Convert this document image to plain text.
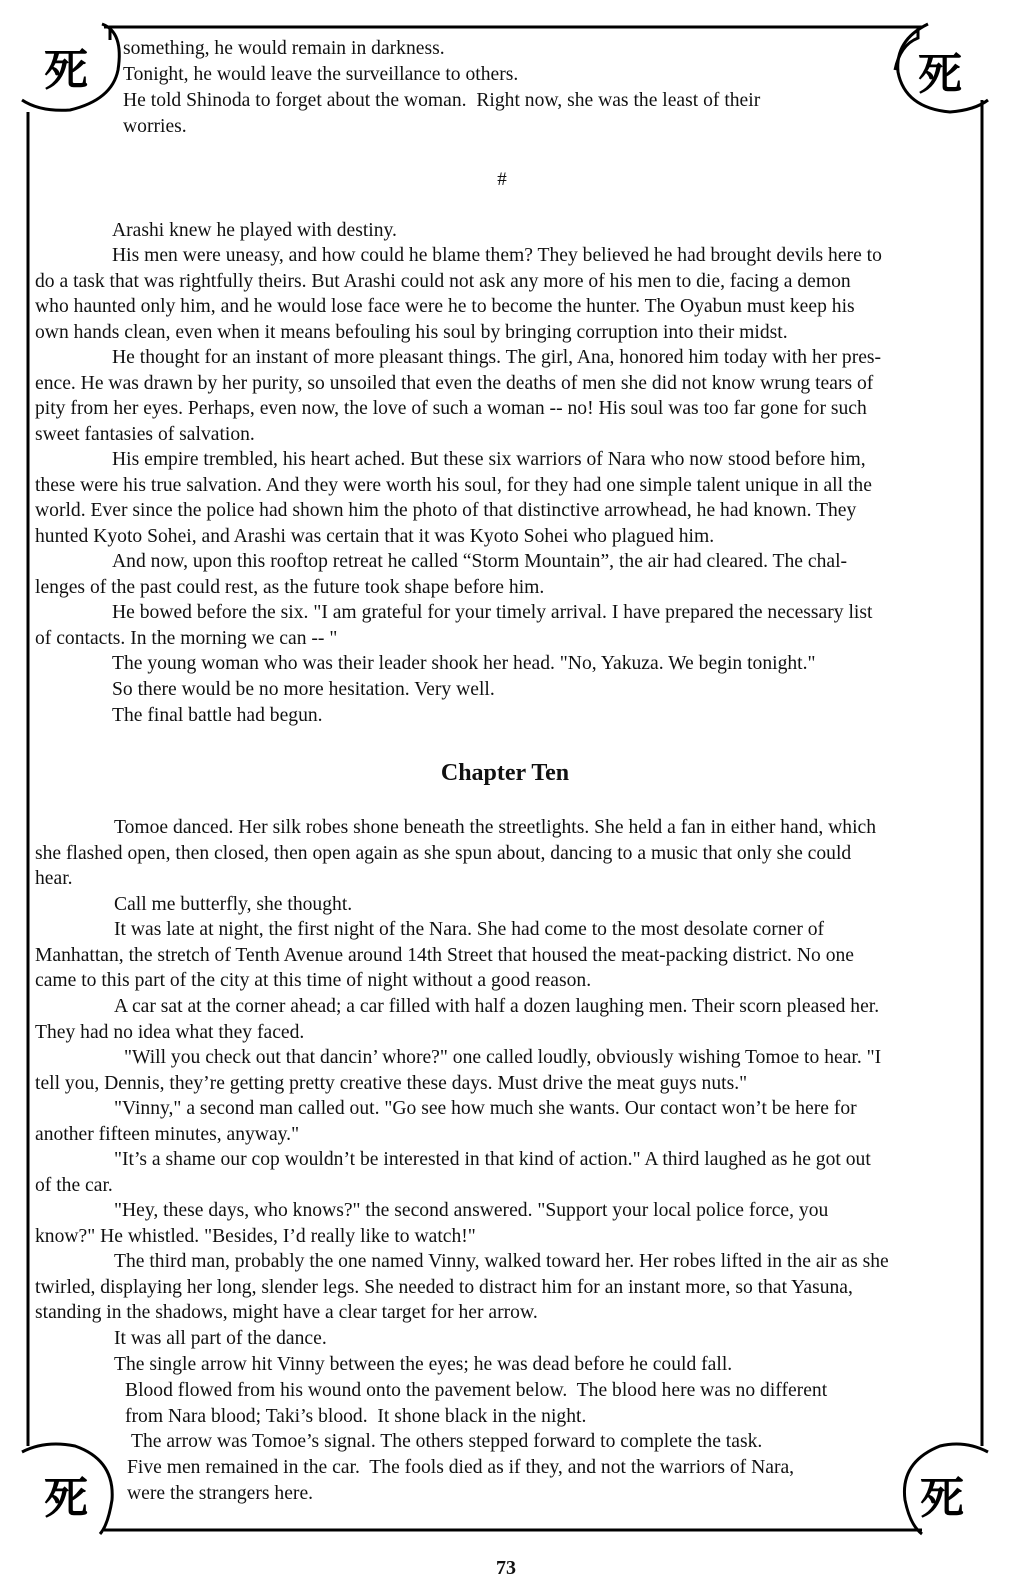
死	死
死	死

something, he would remain in darkness.

Tonight, he would leave the surveillance to others.

He told Shinoda to forget about the woman.  Right now, she was the least of their
worries.

#

Arashi knew he played with destiny.

His men were uneasy, and how could he blame them? They believed he had brought devils here to
do a task that was rightfully theirs. But Arashi could not ask any more of his men to die, facing a demon
who haunted only him, and he would lose face were he to become the hunter. The Oyabun must keep his
own hands clean, even when it means befouling his soul by bringing corruption into their midst.

He thought for an instant of more pleasant things. The girl, Ana, honored him today with her pres-
ence. He was drawn by her purity, so unsoiled that even the deaths of men she did not know wrung tears of
pity from her eyes. Perhaps, even now, the love of such a woman -- no! His soul was too far gone for such
sweet fantasies of salvation.

His empire trembled, his heart ached. But these six warriors of Nara who now stood before him,
these were his true salvation. And they were worth his soul, for they had one simple talent unique in all the
world. Ever since the police had shown him the photo of that distinctive arrowhead, he had known. They
hunted Kyoto Sohei, and Arashi was certain that it was Kyoto Sohei who plagued him.

And now, upon this rooftop retreat he called “Storm Mountain”, the air had cleared. The chal-
lenges of the past could rest, as the future took shape before him.

He bowed before the six. "I am grateful for your timely arrival. I have prepared the necessary list
of contacts. In the morning we can -- "

The young woman who was their leader shook her head. "No, Yakuza. We begin tonight."

So there would be no more hesitation. Very well.

The final battle had begun.

Chapter Ten

Tomoe danced. Her silk robes shone beneath the streetlights. She held a fan in either hand, which
she flashed open, then closed, then open again as she spun about, dancing to a music that only she could
hear.

Call me butterfly, she thought.

It was late at night, the first night of the Nara. She had come to the most desolate corner of
Manhattan, the stretch of Tenth Avenue around 14th Street that housed the meat-packing district. No one
came to this part of the city at this time of night without a good reason.

A car sat at the corner ahead; a car filled with half a dozen laughing men. Their scorn pleased her.
They had no idea what they faced.

"Will you check out that dancin’ whore?" one called loudly, obviously wishing Tomoe to hear. "I
tell you, Dennis, they’re getting pretty creative these days. Must drive the meat guys nuts."

"Vinny," a second man called out. "Go see how much she wants. Our contact won’t be here for
another fifteen minutes, anyway."

"It’s a shame our cop wouldn’t be interested in that kind of action." A third laughed as he got out
of the car.

"Hey, these days, who knows?" the second answered. "Support your local police force, you
know?" He whistled. "Besides, I’d really like to watch!"

The third man, probably the one named Vinny, walked toward her. Her robes lifted in the air as she
twirled, displaying her long, slender legs. She needed to distract him for an instant more, so that Yasuna,
standing in the shadows, might have a clear target for her arrow.

It was all part of the dance.

The single arrow hit Vinny between the eyes; he was dead before he could fall.

Blood flowed from his wound onto the pavement below.  The blood here was no different
from Nara blood; Taki’s blood.  It shone black in the night.

The arrow was Tomoe’s signal. The others stepped forward to complete the task.

Five men remained in the car.  The fools died as if they, and not the warriors of Nara,
were the strangers here.

73
